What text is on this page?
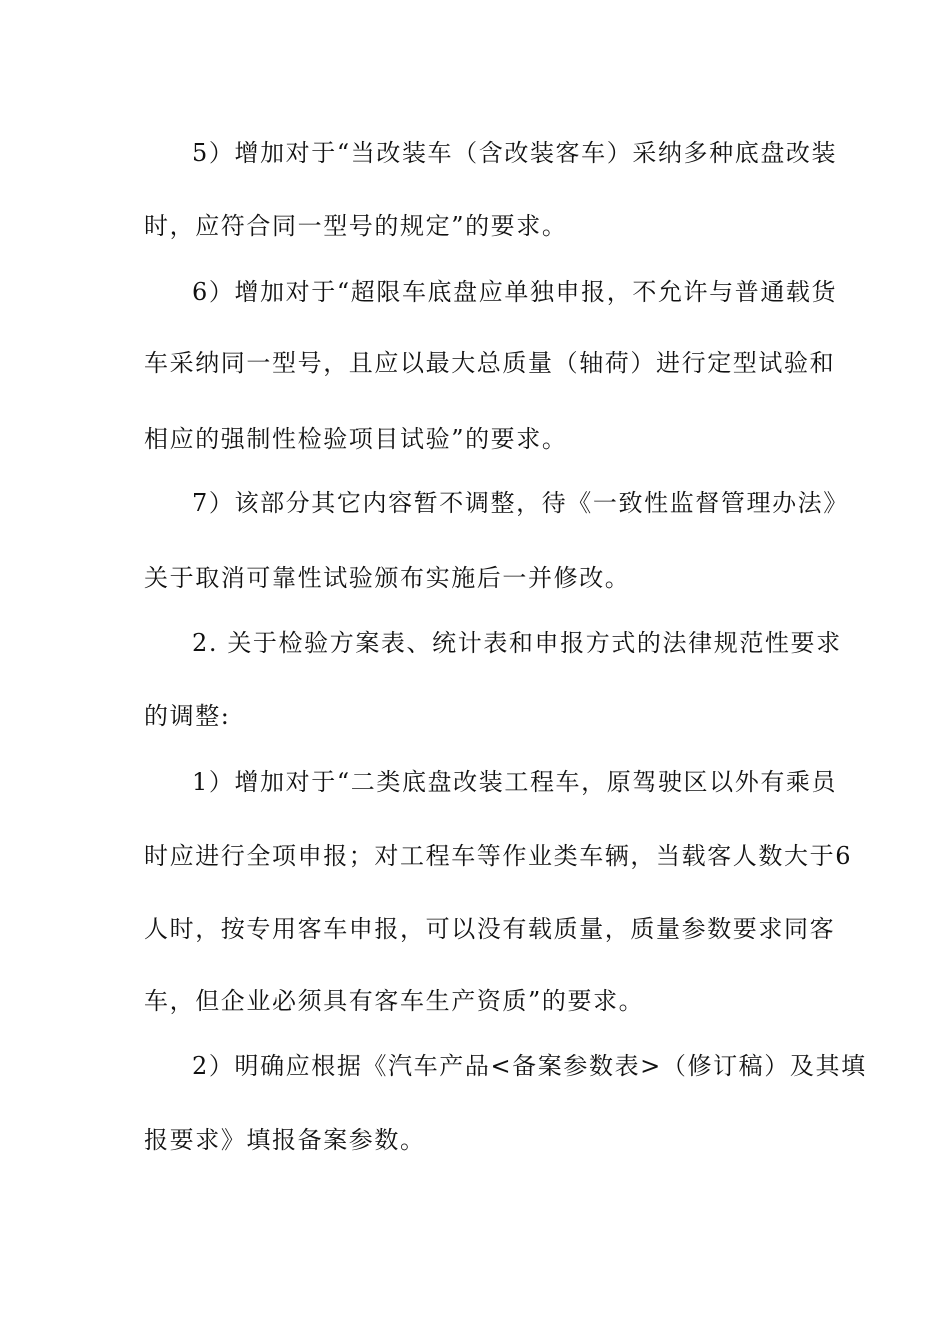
5）增加对于“当改装车（含改装客车）采纳多种底盘改装
时，应符合同一型号的规定”的要求。
6）增加对于“超限车底盘应单独申报，不允许与普通载货
车采纳同一型号，且应以最大总质量（轴荷）进行定型试验和
相应的强制性检验项目试验”的要求。
7）该部分其它内容暂不调整，待《一致性监督管理办法》
关于取消可靠性试验颁布实施后一并修改。
2. 关于检验方案表、统计表和申报方式的法律规范性要求
的调整:
1）增加对于“二类底盘改装工程车，原驾驶区以外有乘员
时应进行全项申报；对工程车等作业类车辆，当载客人数大于6
人时，按专用客车申报，可以没有载质量，质量参数要求同客
车，但企业必须具有客车生产资质”的要求。
2）明确应根据《汽车产品<备案参数表>（修订稿）及其填
报要求》填报备案参数。
